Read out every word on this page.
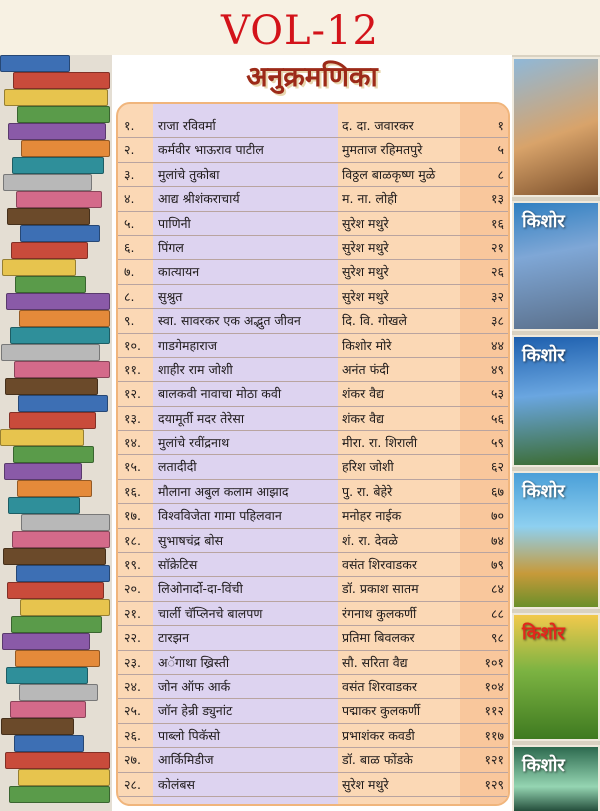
VOL-12
किशोर
किशोर
किशोर
किशोर
किशोर
अनुक्रमणिका
१.	राजा रविवर्मा	द. दा. जवारकर	१
२.	कर्मवीर भाऊराव पाटील	मुमताज रहिमतपुरे	५
३.	मुलांचे तुकोबा	विठ्ठल बाळकृष्ण मुळे	८
४.	आद्य श्रीशंकराचार्य	म. ना. लोही	१३
५.	पाणिनी	सुरेश मथुरे	१६
६.	पिंगल	सुरेश मथुरे	२१
७.	कात्यायन	सुरेश मथुरे	२६
८.	सुश्रुत	सुरेश मथुरे	३२
९.	स्वा. सावरकर एक अद्भुत जीवन	दि. वि. गोखले	३८
१०.	गाडगेमहाराज	किशोर मोरे	४४
११.	शाहीर राम जोशी	अनंत फंदी	४९
१२.	बालकवी नावाचा मोठा कवी	शंकर वैद्य	५३
१३.	दयामूर्ती मदर तेरेसा	शंकर वैद्य	५६
१४.	मुलांचे रवींद्रनाथ	मीरा. रा. शिराली	५९
१५.	लतादीदी	हरिश जोशी	६२
१६.	मौलाना अबुल कलाम आझाद	पु. रा. बेहेरे	६७
१७.	विश्वविजेता गामा पहिलवान	मनोहर नाईक	७०
१८.	सुभाषचंद्र बोस	शं. रा. देवळे	७४
१९.	सॉक्रेटिस	वसंत शिरवाडकर	७९
२०.	लिओनार्दो-दा-विंची	डॉ. प्रकाश सातम	८४
२१.	चार्ली चॅप्लिनचे बालपण	रंगनाथ कुलकर्णी	८८
२२.	टारझन	प्रतिमा बिवलकर	९८
२३.	अॅगाथा ख्रिस्ती	सौ. सरिता वैद्य	१०१
२४.	जोन ऑफ आर्क	वसंत शिरवाडकर	१०४
२५.	जॉन हेन्री ड्युनांट	पद्माकर कुलकर्णी	११२
२६.	पाब्लो पिकॅसो	प्रभाशंकर कवडी	११७
२७.	आर्किमिडीज	डॉ. बाळ फोंडके	१२१
२८.	कोलंबस	सुरेश मथुरे	१२९
